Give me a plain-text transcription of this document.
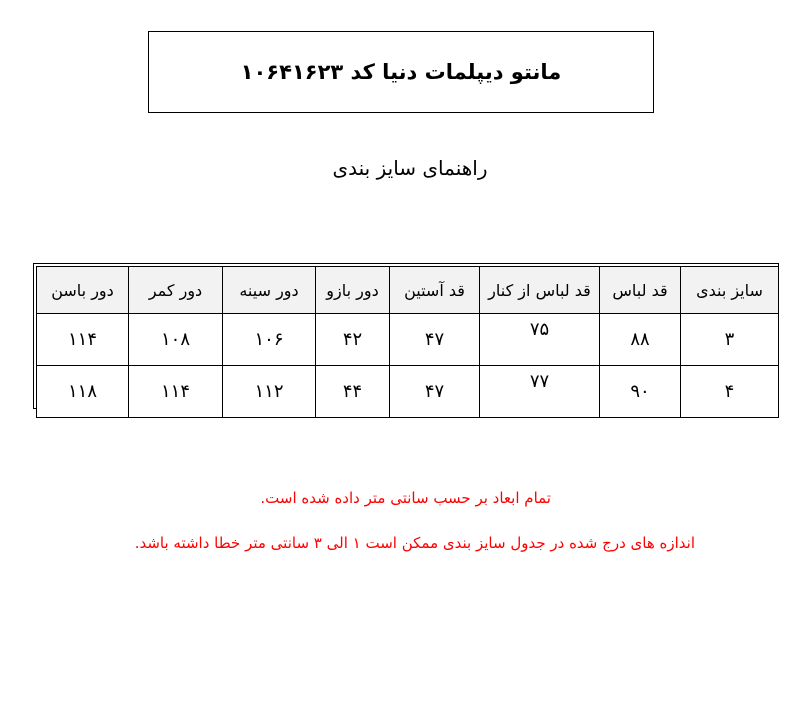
مانتو دیپلمات دنیا کد ۱۰۶۴۱۶۲۳
راهنمای سایز بندی
سایز بندی	قد لباس	قد لباس از کنار	قد آستین	دور بازو	دور سینه	دور کمر	دور باسن
۳	۸۸	۷۵	۴۷	۴۲	۱۰۶	۱۰۸	۱۱۴
۴	۹۰	۷۷	۴۷	۴۴	۱۱۲	۱۱۴	۱۱۸
تمام ابعاد بر حسب سانتی متر داده شده است.
اندازه های درج شده در جدول سایز بندی ممکن است ۱ الی ۳ سانتی متر خطا داشته باشد.
